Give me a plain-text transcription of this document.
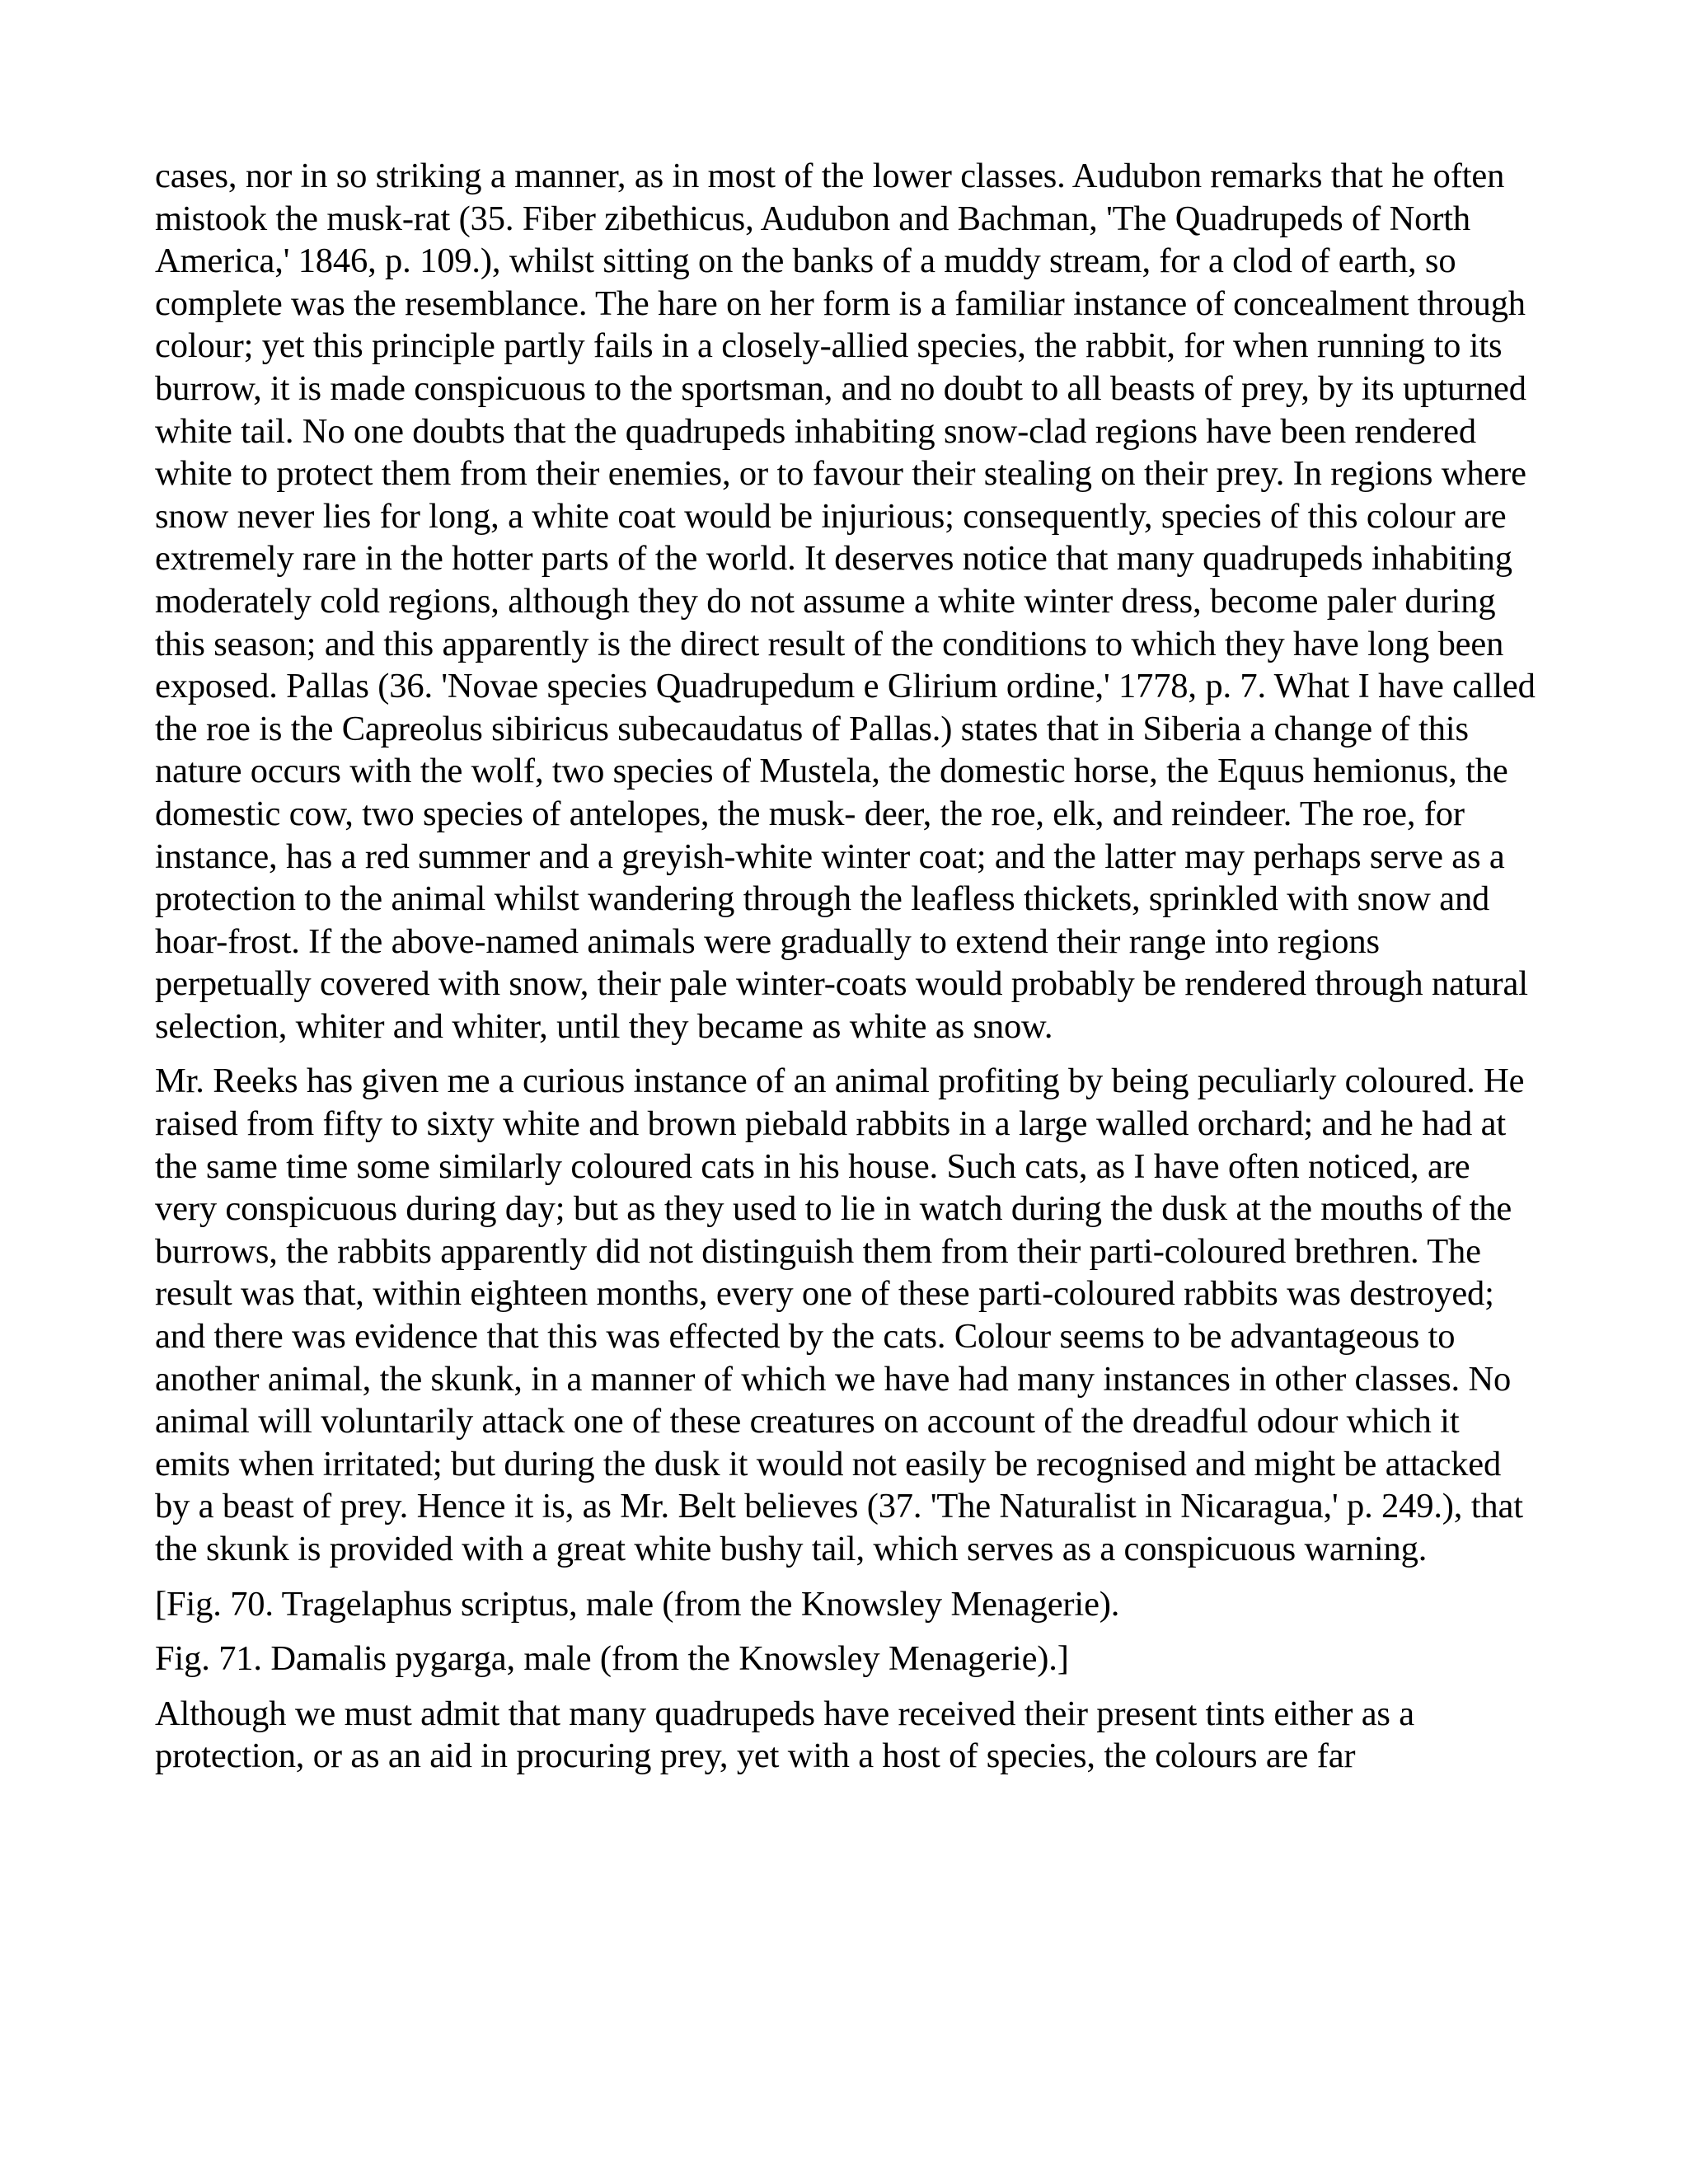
cases, nor in so striking a manner, as in most of the lower classes. Audubon remarks that he often mistook the musk-rat (35. Fiber zibethicus, Audubon and Bachman, 'The Quadrupeds of North America,' 1846, p. 109.), whilst sitting on the banks of a muddy stream, for a clod of earth, so complete was the resemblance. The hare on her form is a familiar instance of concealment through colour; yet this principle partly fails in a closely-allied species, the rabbit, for when running to its burrow, it is made conspicuous to the sportsman, and no doubt to all beasts of prey, by its upturned white tail. No one doubts that the quadrupeds inhabiting snow-clad regions have been rendered white to protect them from their enemies, or to favour their stealing on their prey. In regions where snow never lies for long, a white coat would be injurious; consequently, species of this colour are extremely rare in the hotter parts of the world. It deserves notice that many quadrupeds inhabiting moderately cold regions, although they do not assume a white winter dress, become paler during this season; and this apparently is the direct result of the conditions to which they have long been exposed. Pallas (36. 'Novae species Quadrupedum e Glirium ordine,' 1778, p. 7. What I have called the roe is the Capreolus sibiricus subecaudatus of Pallas.) states that in Siberia a change of this nature occurs with the wolf, two species of Mustela, the domestic horse, the Equus hemionus, the domestic cow, two species of antelopes, the musk- deer, the roe, elk, and reindeer. The roe, for instance, has a red summer and a greyish-white winter coat; and the latter may perhaps serve as a protection to the animal whilst wandering through the leafless thickets, sprinkled with snow and hoar-frost. If the above-named animals were gradually to extend their range into regions perpetually covered with snow, their pale winter-coats would probably be rendered through natural selection, whiter and whiter, until they became as white as snow.

Mr. Reeks has given me a curious instance of an animal profiting by being peculiarly coloured. He raised from fifty to sixty white and brown piebald rabbits in a large walled orchard; and he had at the same time some similarly coloured cats in his house. Such cats, as I have often noticed, are very conspicuous during day; but as they used to lie in watch during the dusk at the mouths of the burrows, the rabbits apparently did not distinguish them from their parti-coloured brethren. The result was that, within eighteen months, every one of these parti-coloured rabbits was destroyed; and there was evidence that this was effected by the cats. Colour seems to be advantageous to another animal, the skunk, in a manner of which we have had many instances in other classes. No animal will voluntarily attack one of these creatures on account of the dreadful odour which it emits when irritated; but during the dusk it would not easily be recognised and might be attacked by a beast of prey. Hence it is, as Mr. Belt believes (37. 'The Naturalist in Nicaragua,' p. 249.), that the skunk is provided with a great white bushy tail, which serves as a conspicuous warning.

[Fig. 70. Tragelaphus scriptus, male (from the Knowsley Menagerie).

Fig. 71. Damalis pygarga, male (from the Knowsley Menagerie).]

Although we must admit that many quadrupeds have received their present tints either as a protection, or as an aid in procuring prey, yet with a host of species, the colours are far
